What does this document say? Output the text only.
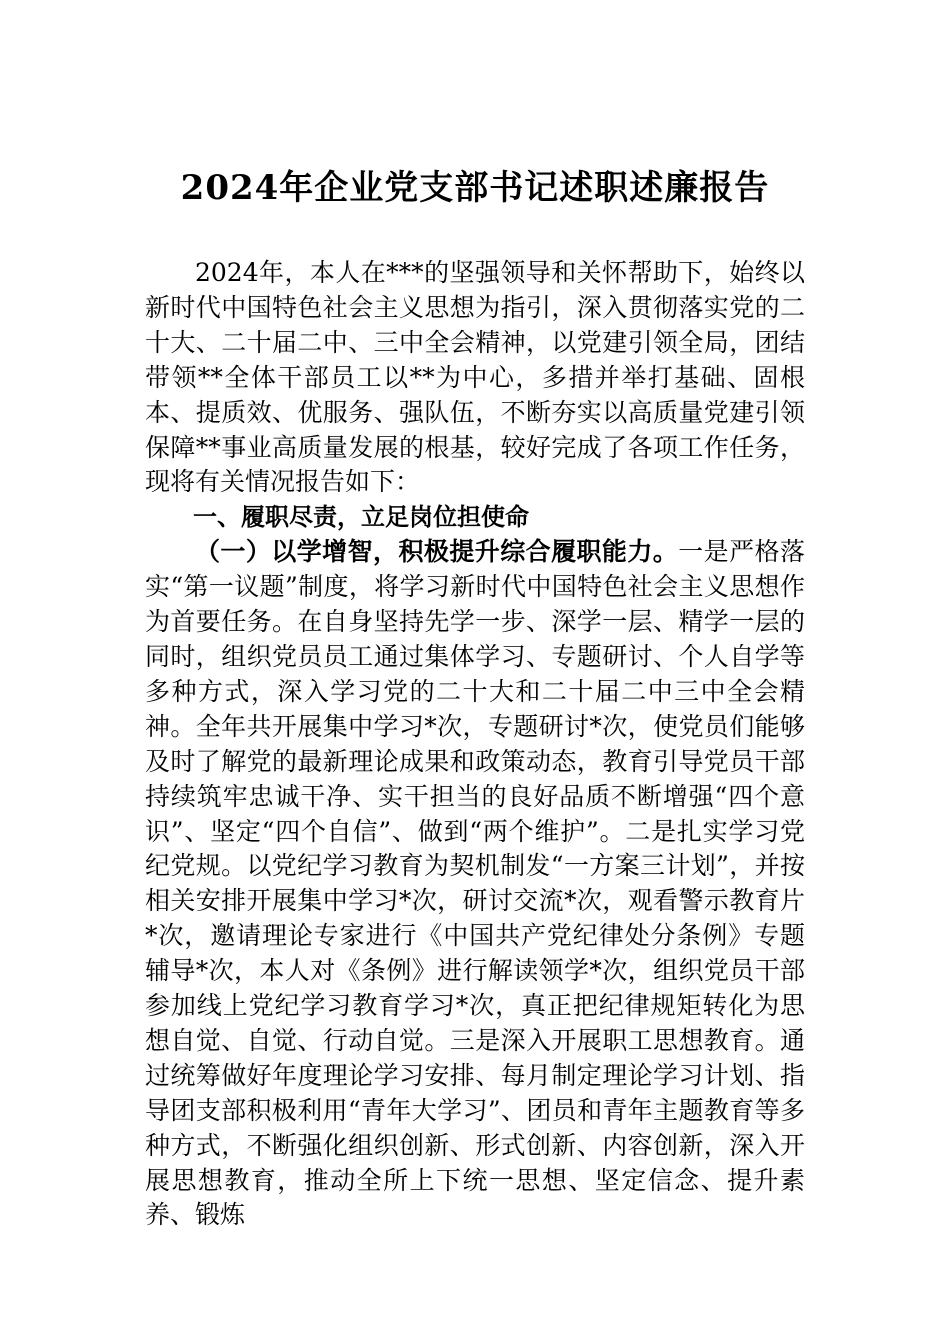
2024年企业党支部书记述职述廉报告

2024年，本人在***的坚强领导和关怀帮助下，始终以新时代中国特色社会主义思想为指引，深入贯彻落实党的二十大、二十届二中、三中全会精神，以党建引领全局，团结带领**全体干部员工以**为中心，多措并举打基础、固根本、提质效、优服务、强队伍，不断夯实以高质量党建引领保障**事业高质量发展的根基，较好完成了各项工作任务，现将有关情况报告如下：

一、履职尽责，立足岗位担使命

（一）以学增智，积极提升综合履职能力。一是严格落实“第一议题”制度，将学习新时代中国特色社会主义思想作为首要任务。在自身坚持先学一步、深学一层、精学一层的同时，组织党员员工通过集体学习、专题研讨、个人自学等多种方式，深入学习党的二十大和二十届二中三中全会精神。全年共开展集中学习*次，专题研讨*次，使党员们能够及时了解党的最新理论成果和政策动态，教育引导党员干部持续筑牢忠诚干净、实干担当的良好品质不断增强“四个意识”、坚定“四个自信”、做到“两个维护”。二是扎实学习党纪党规。以党纪学习教育为契机制发“一方案三计划”，并按相关安排开展集中学习*次，研讨交流*次，观看警示教育片*次，邀请理论专家进行《中国共产党纪律处分条例》专题辅导*次，本人对《条例》进行解读领学*次，组织党员干部参加线上党纪学习教育学习*次，真正把纪律规矩转化为思想自觉、自觉、行动自觉。三是深入开展职工思想教育。通过统筹做好年度理论学习安排、每月制定理论学习计划、指导团支部积极利用“青年大学习”、团员和青年主题教育等多种方式，不断强化组织创新、形式创新、内容创新，深入开展思想教育，推动全所上下统一思想、坚定信念、提升素养、锻炼
